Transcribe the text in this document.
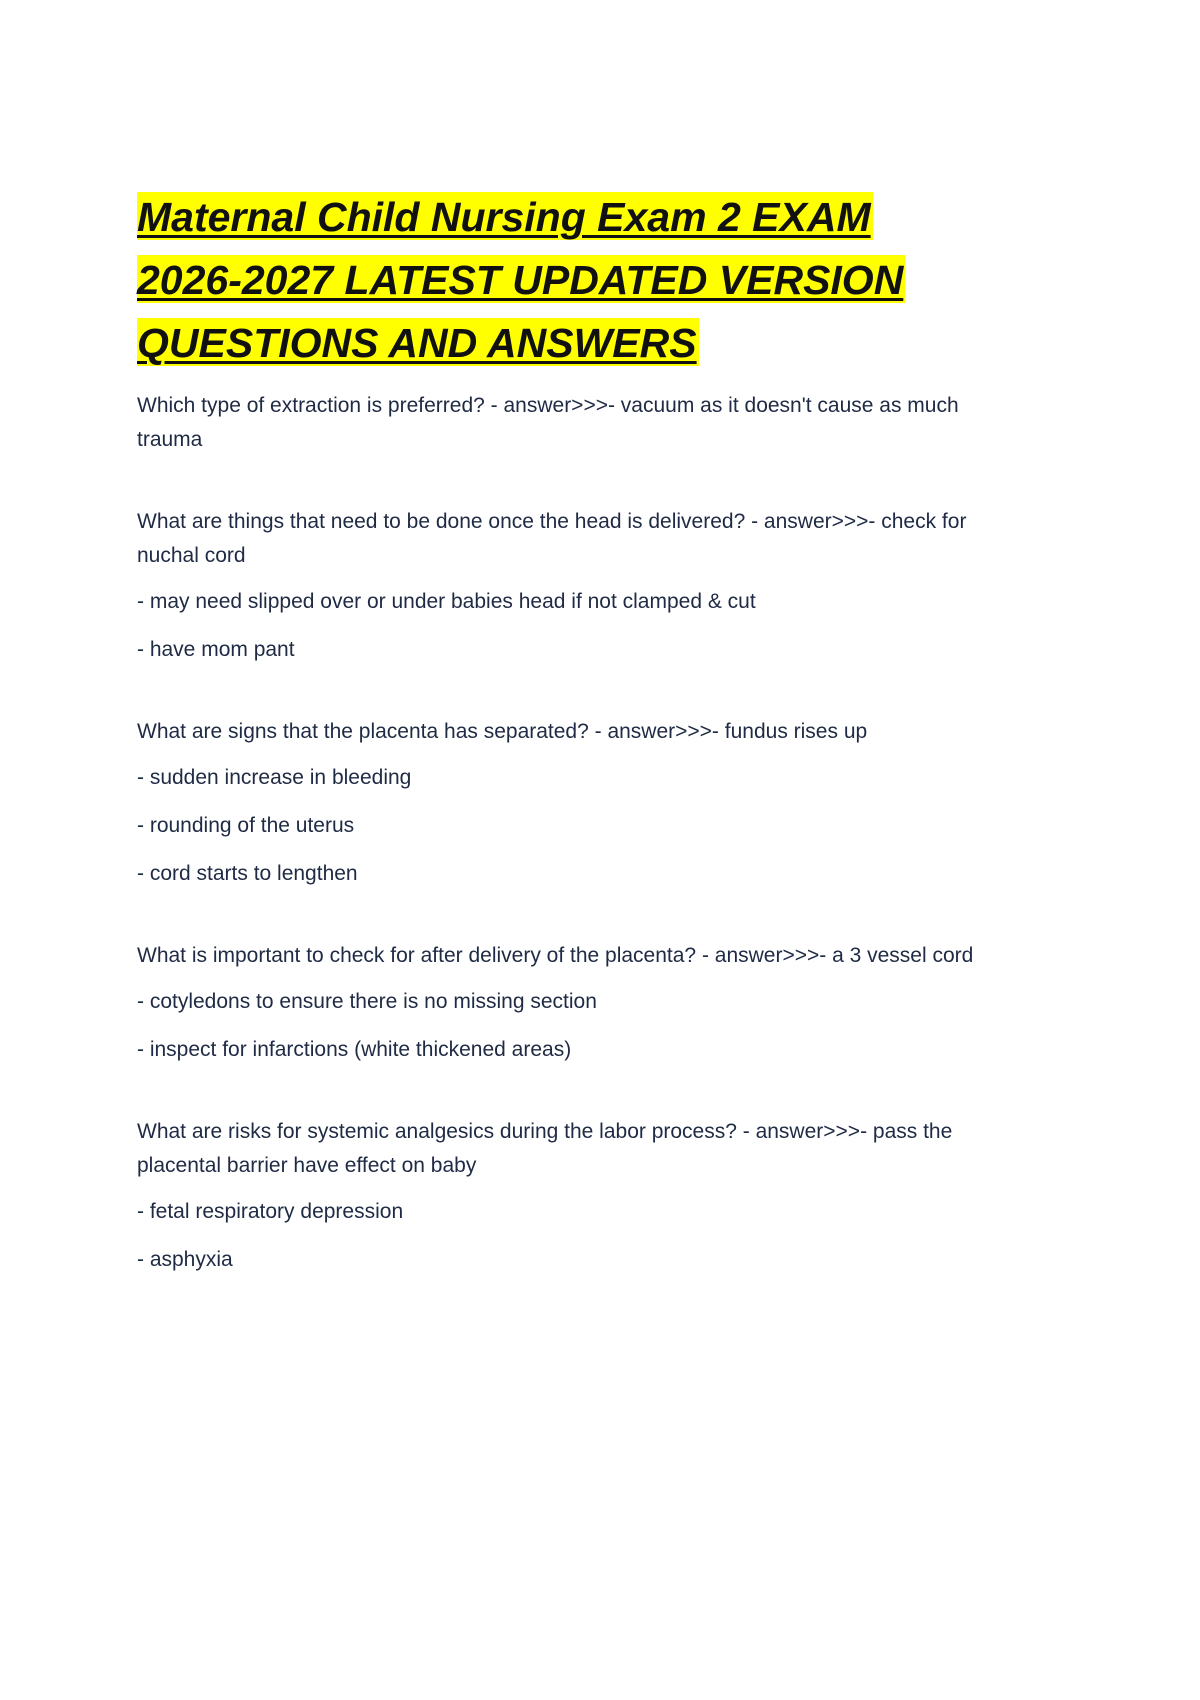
Maternal Child Nursing Exam 2 EXAM 2026-2027 LATEST UPDATED VERSION QUESTIONS AND ANSWERS

Which type of extraction is preferred? - answer>>>- vacuum as it doesn't cause as much trauma

What are things that need to be done once the head is delivered? - answer>>>- check for nuchal cord

- may need slipped over or under babies head if not clamped & cut

- have mom pant

What are signs that the placenta has separated? - answer>>>- fundus rises up

- sudden increase in bleeding

- rounding of the uterus

- cord starts to lengthen

What is important to check for after delivery of the placenta? - answer>>>- a 3 vessel cord

- cotyledons to ensure there is no missing section

- inspect for infarctions (white thickened areas)

What are risks for systemic analgesics during the labor process? - answer>>>- pass the placental barrier have effect on baby

- fetal respiratory depression

- asphyxia
